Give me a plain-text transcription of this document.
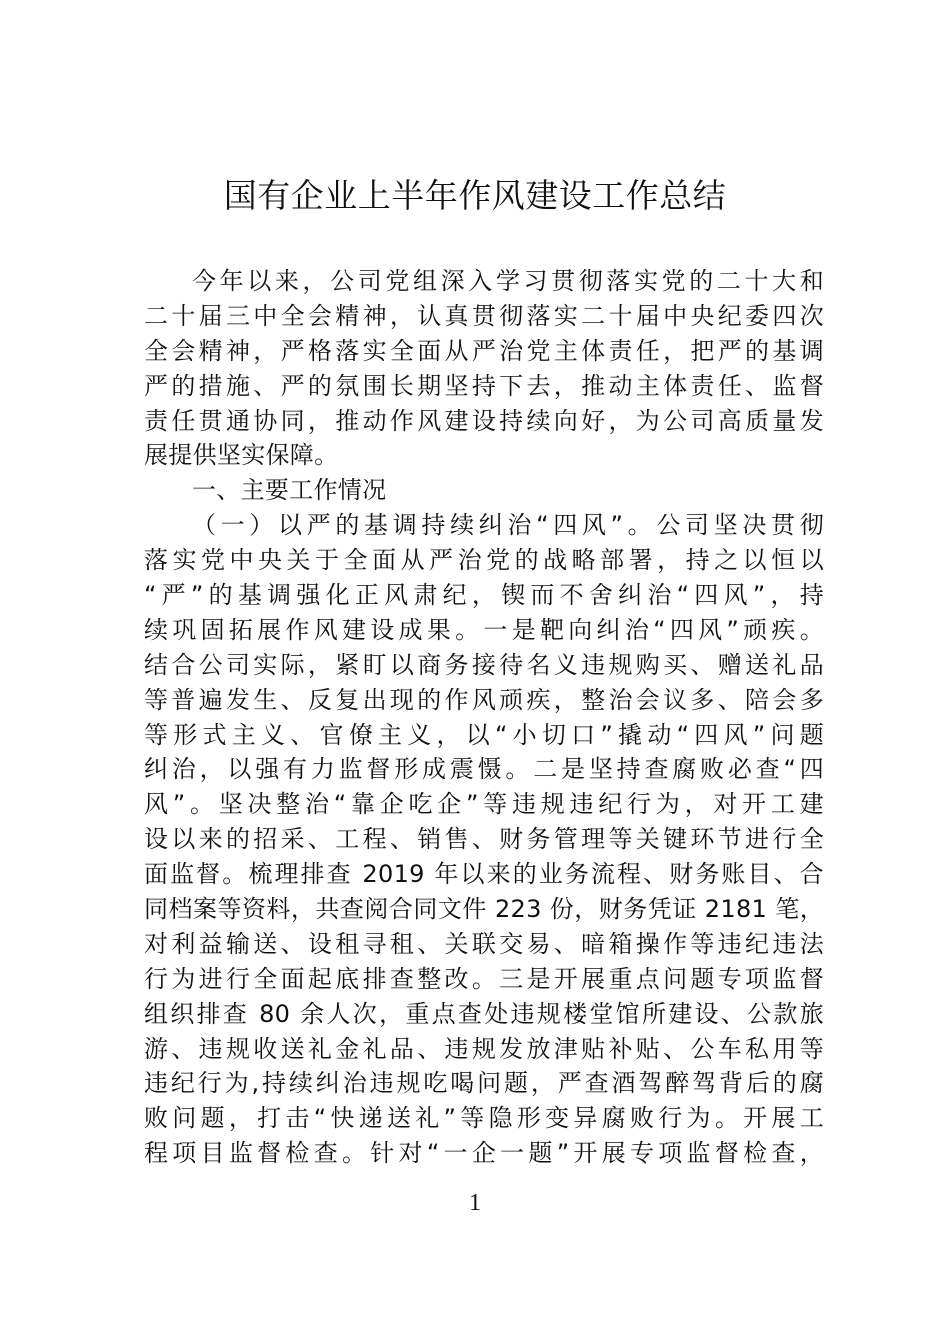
国有企业上半年作风建设工作总结
今年以来，公司党组深入学习贯彻落实党的二十大和
二十届三中全会精神，认真贯彻落实二十届中央纪委四次
全会精神，严格落实全面从严治党主体责任，把严的基调
严的措施、严的氛围长期坚持下去，推动主体责任、监督
责任贯通协同，推动作风建设持续向好，为公司高质量发
展提供坚实保障。
一、主要工作情况
（一）以严的基调持续纠治“四风”。公司坚决贯彻
落实党中央关于全面从严治党的战略部署，持之以恒以
“严”的基调强化正风肃纪，锲而不舍纠治“四风”，持
续巩固拓展作风建设成果。一是靶向纠治“四风”顽疾。
结合公司实际，紧盯以商务接待名义违规购买、赠送礼品
等普遍发生、反复出现的作风顽疾，整治会议多、陪会多
等形式主义、官僚主义，以“小切口”撬动“四风”问题
纠治，以强有力监督形成震慑。二是坚持查腐败必查“四
风”。坚决整治“靠企吃企”等违规违纪行为，对开工建
设以来的招采、工程、销售、财务管理等关键环节进行全
面监督。梳理排查 2019 年以来的业务流程、财务账目、合
同档案等资料，共查阅合同文件 223 份，财务凭证 2181 笔，
对利益输送、设租寻租、关联交易、暗箱操作等违纪违法
行为进行全面起底排查整改。三是开展重点问题专项监督
组织排查 80 余人次，重点查处违规楼堂馆所建设、公款旅
游、违规收送礼金礼品、违规发放津贴补贴、公车私用等
违纪行为,持续纠治违规吃喝问题，严查酒驾醉驾背后的腐
败问题，打击“快递送礼”等隐形变异腐败行为。开展工
程项目监督检查。针对“一企一题”开展专项监督检查，
1
